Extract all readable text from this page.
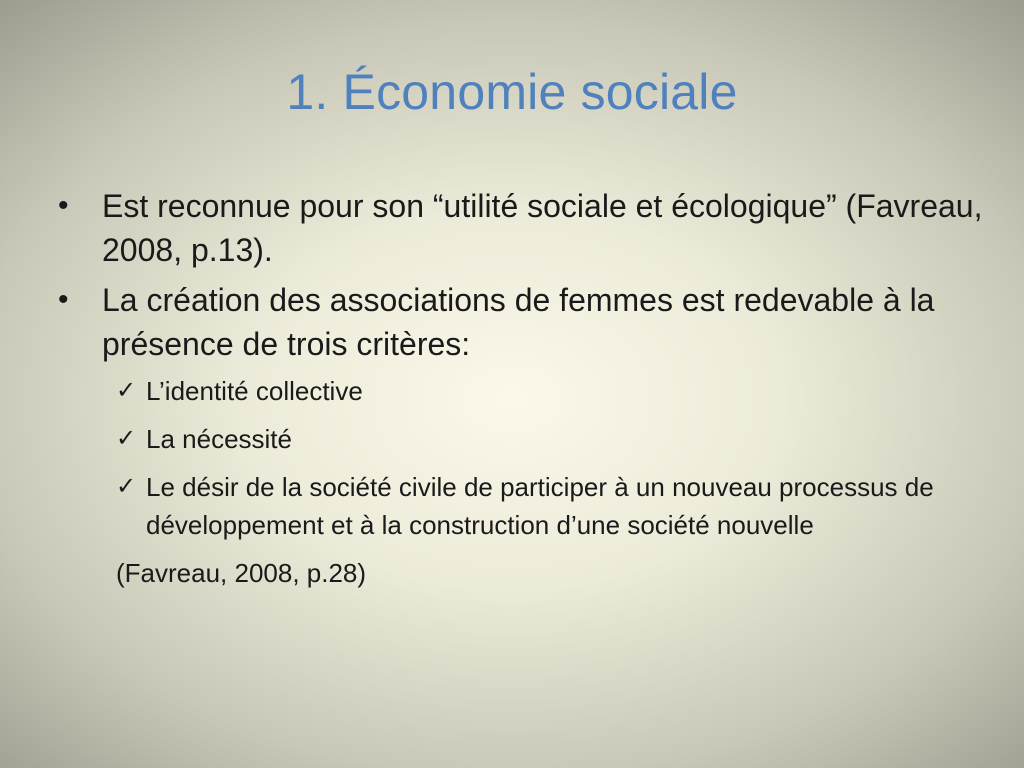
1. Économie sociale
•	Est reconnue pour son “utilité sociale et écologique” (Favreau, 2008, p.13).
•	La création des associations de femmes est redevable à la présence de trois critères:
✓ L’identité collective
✓ La nécessité
✓ Le désir de la société civile de participer à un nouveau processus de développement et à la construction d’une société nouvelle
(Favreau, 2008, p.28)
